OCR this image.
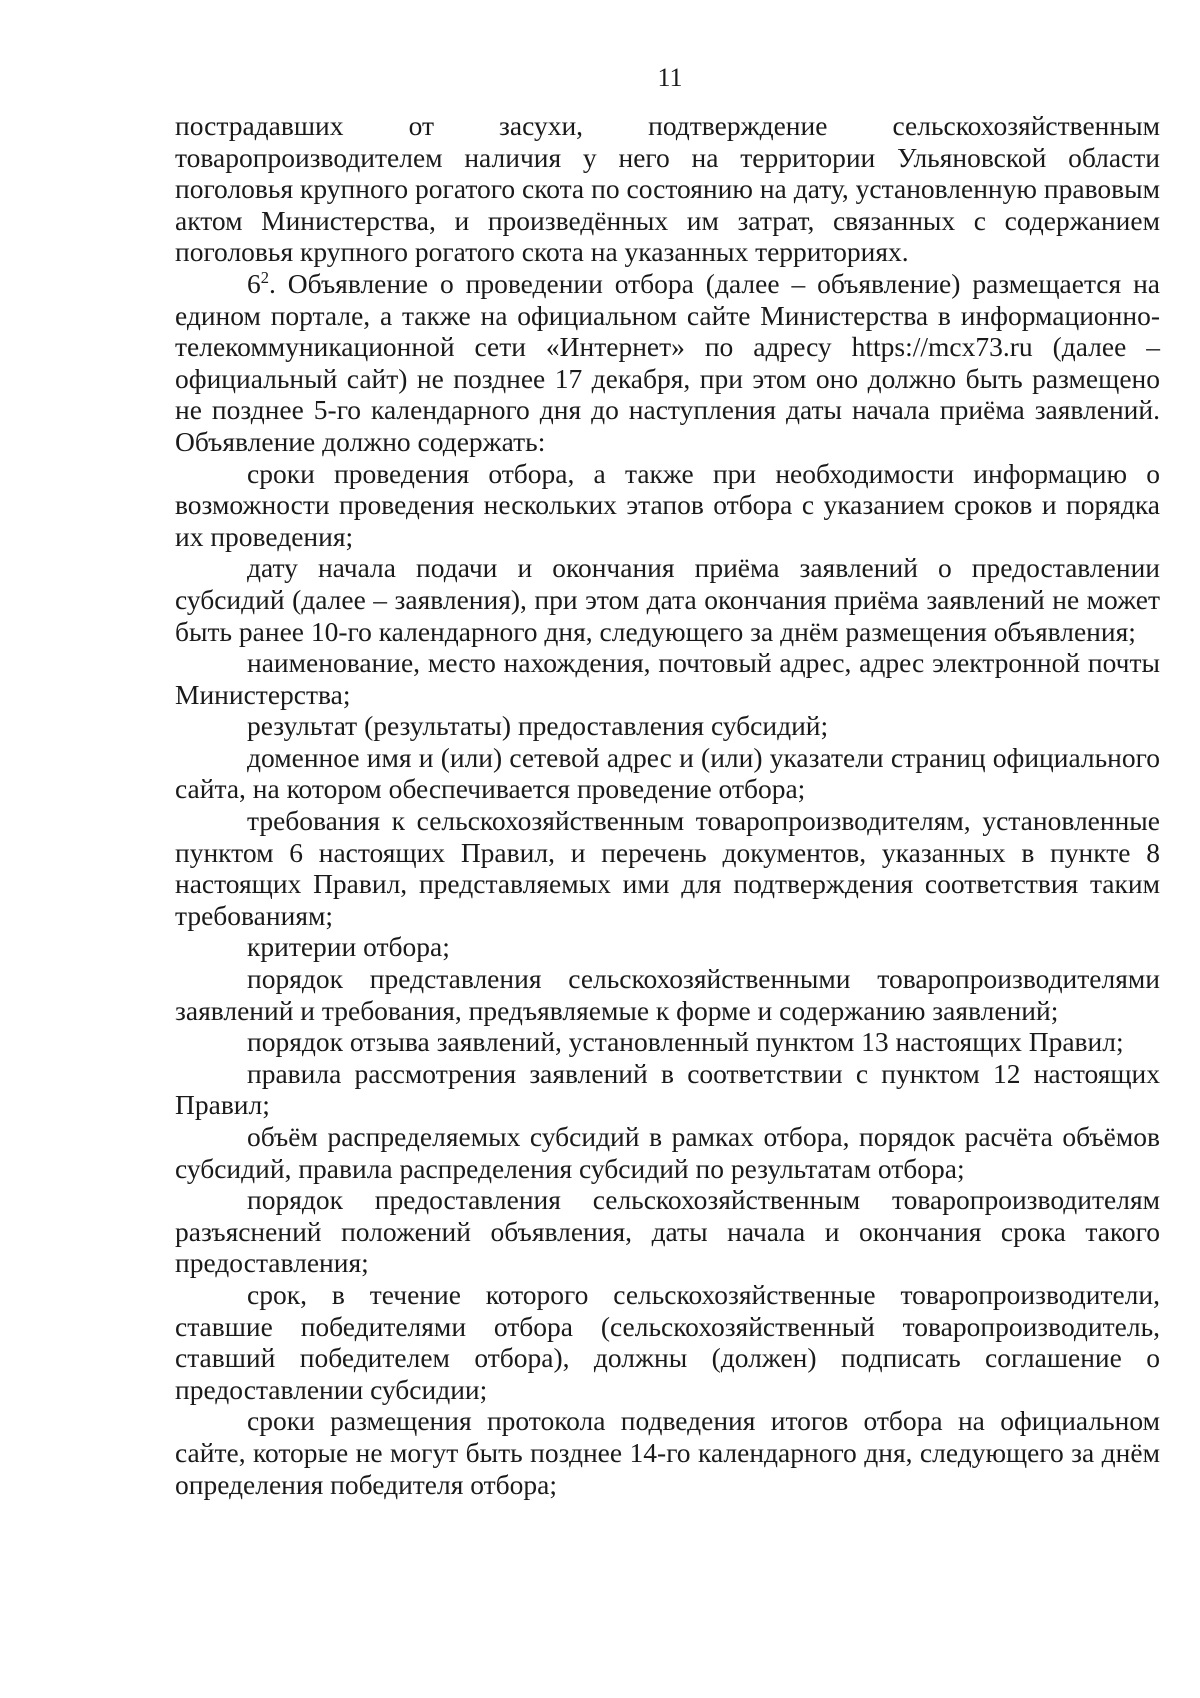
11

пострадавших от засухи, подтверждение сельскохозяйственным товаропроизводителем наличия у него на территории Ульяновской области поголовья крупного рогатого скота по состоянию на дату, установленную правовым актом Министерства, и произведённых им затрат, связанных с содержанием поголовья крупного рогатого скота на указанных территориях.

$6^2$. Объявление о проведении отбора (далее – объявление) размещается на едином портале, а также на официальном сайте Министерства в информационно-телекоммуникационной сети «Интернет» по адресу https://mcx73.ru (далее – официальный сайт) не позднее 17 декабря, при этом оно должно быть размещено не позднее 5-го календарного дня до наступления даты начала приёма заявлений. Объявление должно содержать:

сроки проведения отбора, а также при необходимости информацию о возможности проведения нескольких этапов отбора с указанием сроков и порядка их проведения;

дату начала подачи и окончания приёма заявлений о предоставлении субсидий (далее – заявления), при этом дата окончания приёма заявлений не может быть ранее 10-го календарного дня, следующего за днём размещения объявления;

наименование, место нахождения, почтовый адрес, адрес электронной почты Министерства;

результат (результаты) предоставления субсидий;

доменное имя и (или) сетевой адрес и (или) указатели страниц официального сайта, на котором обеспечивается проведение отбора;

требования к сельскохозяйственным товаропроизводителям, установленные пунктом 6 настоящих Правил, и перечень документов, указанных в пункте 8 настоящих Правил, представляемых ими для подтверждения соответствия таким требованиям;

критерии отбора;

порядок представления сельскохозяйственными товаропроизводителями заявлений и требования, предъявляемые к форме и содержанию заявлений;

порядок отзыва заявлений, установленный пунктом 13 настоящих Правил;

правила рассмотрения заявлений в соответствии с пунктом 12 настоящих Правил;

объём распределяемых субсидий в рамках отбора, порядок расчёта объёмов субсидий, правила распределения субсидий по результатам отбора;

порядок предоставления сельскохозяйственным товаропроизводителям разъяснений положений объявления, даты начала и окончания срока такого предоставления;

срок, в течение которого сельскохозяйственные товаропроизводители, ставшие победителями отбора (сельскохозяйственный товаропроизводитель, ставший победителем отбора), должны (должен) подписать соглашение о предоставлении субсидии;

сроки размещения протокола подведения итогов отбора на официальном сайте, которые не могут быть позднее 14-го календарного дня, следующего за днём определения победителя отбора;
